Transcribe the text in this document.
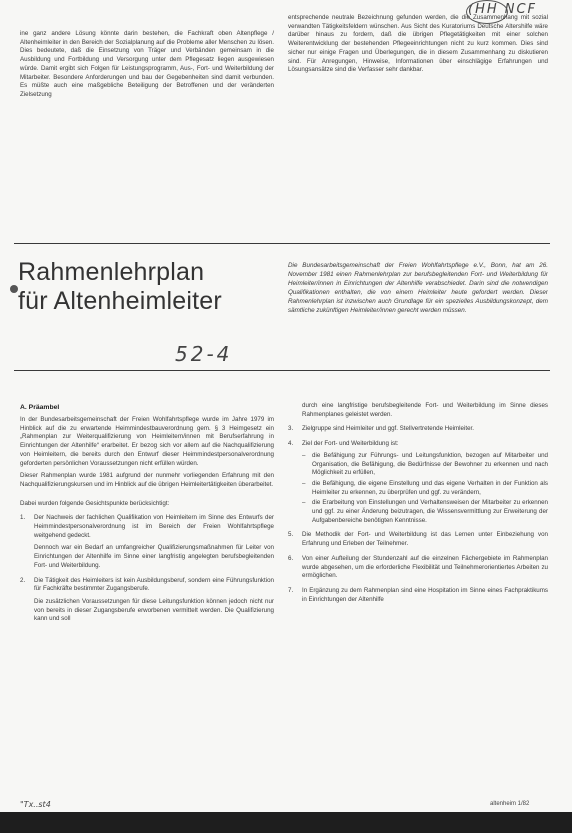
(HH NCF
ine ganz andere Lösung könnte darin bestehen, die Fachkraft oben Altenpflege / Altenheimleiter in den Bereich der Sozialplanung auf die Probleme aller Menschen zu lösen. Dies bedeutete, daß die Einsetzung von Träger und Verbänden gemeinsam in die Ausbildung und Fortbildung und Versorgung unter dem Pflegesatz liegen ausgewiesen würde. Damit ergibt sich Folgen für Leistungsprogramm, Aus-, Fort- und Weiterbildung der Mitarbeiter. Besondere Anforderungen und bau der Gegebenheiten sind damit verbunden. Es müßte auch eine maßgebliche Beteiligung der Betroffenen und der veränderten Zielsetzung
entsprechende neutrale Bezeichnung gefunden werden, die die Zusammenhang mit sozial verwandten Tätigkeitsfeldern wünschen. Aus Sicht des Kuratoriums Deutsche Altershilfe wäre darüber hinaus zu fordern, daß die übrigen Pflegetätigkeiten mit einer solchen Weiterentwicklung der bestehenden Pflegeeinrichtungen nicht zu kurz kommen. Dies sind sicher nur einige Fragen und Überlegungen, die in diesem Zusammenhang zu diskutieren sind. Für Anregungen, Hinweise, Informationen über einschlägige Erfahrungen und Lösungsansätze sind die Verfasser sehr dankbar.
Rahmenlehrplan
für Altenheimleiter
Die Bundesarbeitsgemeinschaft der Freien Wohlfahrtspflege e.V., Bonn, hat am 26. November 1981 einen Rahmenlehrplan zur berufsbegleitenden Fort- und Weiterbildung für Heimleiter/innen in Einrichtungen der Altenhilfe verabschiedet. Darin sind die notwendigen Qualifikationen enthalten, die von einem Heimleiter heute gefordert werden. Dieser Rahmenlehrplan ist inzwischen auch Grundlage für ein spezielles Ausbildungskonzept, dem sämtliche zukünftigen Heimleiter/innen gerecht werden müssen.
52-4
A. Präambel
In der Bundesarbeitsgemeinschaft der Freien Wohlfahrtspflege wurde im Jahre 1979 im Hinblick auf die zu erwartende Heimmindestbauverordnung gem. § 3 Heimgesetz ein „Rahmenplan zur Weiterqualifizierung von Heimleitern/innen mit Berufserfahrung in Einrichtungen der Altenhilfe“ erarbeitet. Er bezog sich vor allem auf die Nachqualifizierung von Heimleitern, die bereits durch den Entwurf dieser Heimmindestpersonalverordnung geforderten persönlichen Voraussetzungen nicht erfüllen würden.
Dieser Rahmenplan wurde 1981 aufgrund der nunmehr vorliegenden Erfahrung mit den Nachqualifizierungskursen und im Hinblick auf die übrigen Heimleitertätigkeiten überarbeitet.
Dabei wurden folgende Gesichtspunkte berücksichtigt:
1. Der Nachweis der fachlichen Qualifikation von Heimleitern im Sinne des Entwurfs der Heimmindestpersonalverordnung ist im Bereich der Freien Wohlfahrtspflege weitgehend gedeckt.
Dennoch war ein Bedarf an umfangreicher Qualifizierungsmaßnahmen für Leiter von Einrichtungen der Altenhilfe im Sinne einer langfristig angelegten berufsbegleitenden Fort- und Weiterbildung.
2. Die Tätigkeit des Heimleiters ist kein Ausbildungsberuf, sondern eine Führungsfunktion für Fachkräfte bestimmter Zugangsberufe.
Die zusätzlichen Voraussetzungen für diese Leitungsfunktion können jedoch nicht nur von bereits in dieser Zugangsberufe erworbenen vermittelt werden. Die Qualifizierung kann und soll
durch eine langfristige berufsbegleitende Fort- und Weiterbildung im Sinne dieses Rahmenplanes geleistet werden.
3. Zielgruppe sind Heimleiter und ggf. Stellvertretende Heimleiter.
4. Ziel der Fort- und Weiterbildung ist:
– die Befähigung zur Führungs- und Leitungsfunktion, bezogen auf Mitarbeiter und Organisation, die Befähigung, die Bedürfnisse der Bewohner zu erkennen und nach Möglichkeit zu erfüllen,
– die Befähigung, die eigene Einstellung und das eigene Verhalten in der Funktion als Heimleiter zu erkennen, zu überprüfen und ggf. zu verändern,
– die Erarbeitung von Einstellungen und Verhaltensweisen der Mitarbeiter zu erkennen und ggf. zu einer Änderung beizutragen, die Wissensvermittlung zur Erweiterung der Aufgabenbereiche benötigten Kenntnisse.
5. Die Methodik der Fort- und Weiterbildung ist das Lernen unter Einbeziehung von Erfahrung und Erleben der Teilnehmer.
6. Von einer Aufteilung der Stundenzahl auf die einzelnen Fächergebiete im Rahmenplan wurde abgesehen, um die erforderliche Flexibilität und Teilnehmerorientiertes Arbeiten zu ermöglichen.
7. In Ergänzung zu dem Rahmenplan sind eine Hospitation im Sinne eines Fachpraktikums in Einrichtungen der Altenhilfe
"Tx..st4	altenheim 1/82
